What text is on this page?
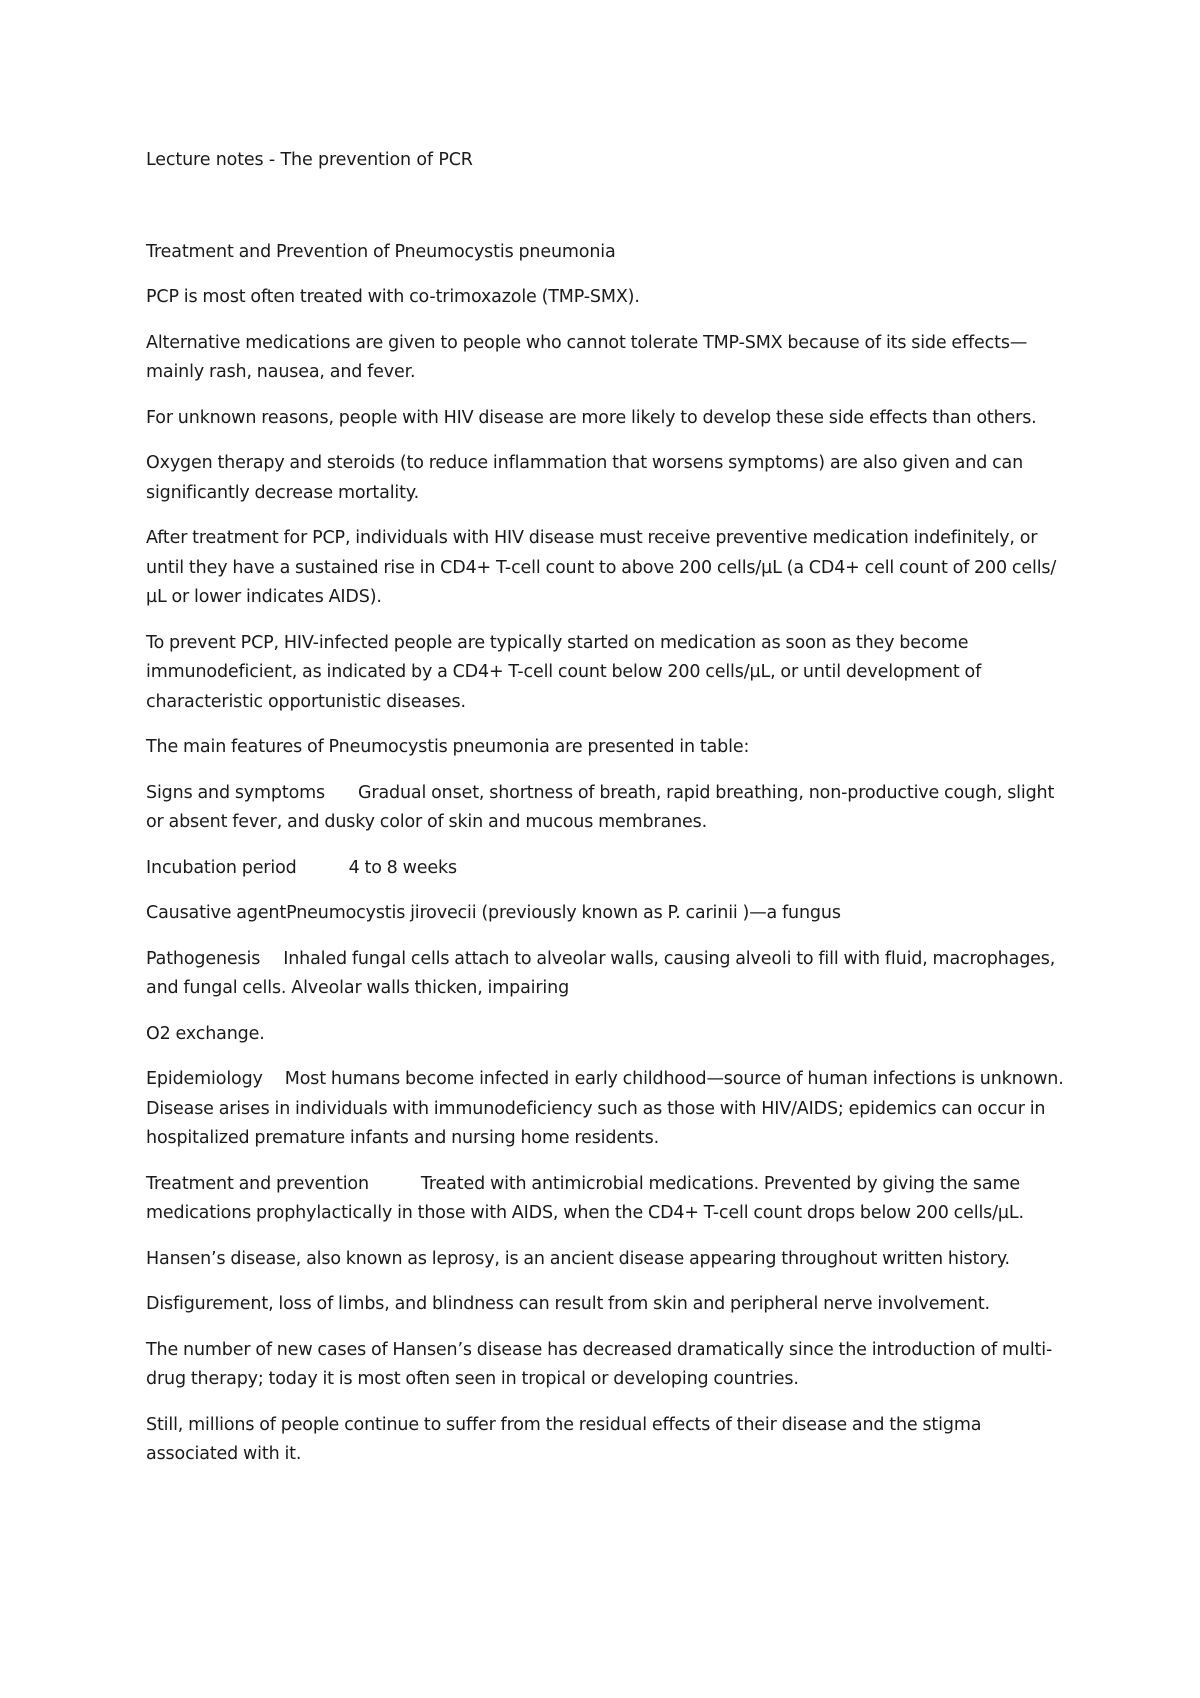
Lecture notes - The prevention of PCR

Treatment and Prevention of Pneumocystis pneumonia

PCP is most often treated with co-trimoxazole (TMP-SMX).

Alternative medications are given to people who cannot tolerate TMP-SMX because of its side effects—mainly rash, nausea, and fever.

For unknown reasons, people with HIV disease are more likely to develop these side effects than others.

Oxygen therapy and steroids (to reduce inflammation that worsens symptoms) are also given and can significantly decrease mortality.

After treatment for PCP, individuals with HIV disease must receive preventive medication indefinitely, or until they have a sustained rise in CD4+ T-cell count to above 200 cells/µL (a CD4+ cell count of 200 cells/µL or lower indicates AIDS).

To prevent PCP, HIV-infected people are typically started on medication as soon as they become immunodeficient, as indicated by a CD4+ T-cell count below 200 cells/µL, or until development of characteristic opportunistic diseases.

The main features of Pneumocystis pneumonia are presented in table:

Signs and symptoms Gradual onset, shortness of breath, rapid breathing, non-productive cough, slight or absent fever, and dusky color of skin and mucous membranes.

Incubation period	4 to 8 weeks

Causative agentPneumocystis jirovecii (previously known as P. carinii )—a fungus

Pathogenesis Inhaled fungal cells attach to alveolar walls, causing alveoli to fill with fluid, macrophages, and fungal cells. Alveolar walls thicken, impairing

O2 exchange.

Epidemiology Most humans become infected in early childhood—source of human infections is unknown. Disease arises in individuals with immunodeficiency such as those with HIV/AIDS; epidemics can occur in hospitalized premature infants and nursing home residents.

Treatment and prevention	Treated with antimicrobial medications. Prevented by giving the same medications prophylactically in those with AIDS, when the CD4+ T-cell count drops below 200 cells/µL.

Hansen’s disease, also known as leprosy, is an ancient disease appearing throughout written history.

Disfigurement, loss of limbs, and blindness can result from skin and peripheral nerve involvement.

The number of new cases of Hansen’s disease has decreased dramatically since the introduction of multi-drug therapy; today it is most often seen in tropical or developing countries.

Still, millions of people continue to suffer from the residual effects of their disease and the stigma associated with it.
